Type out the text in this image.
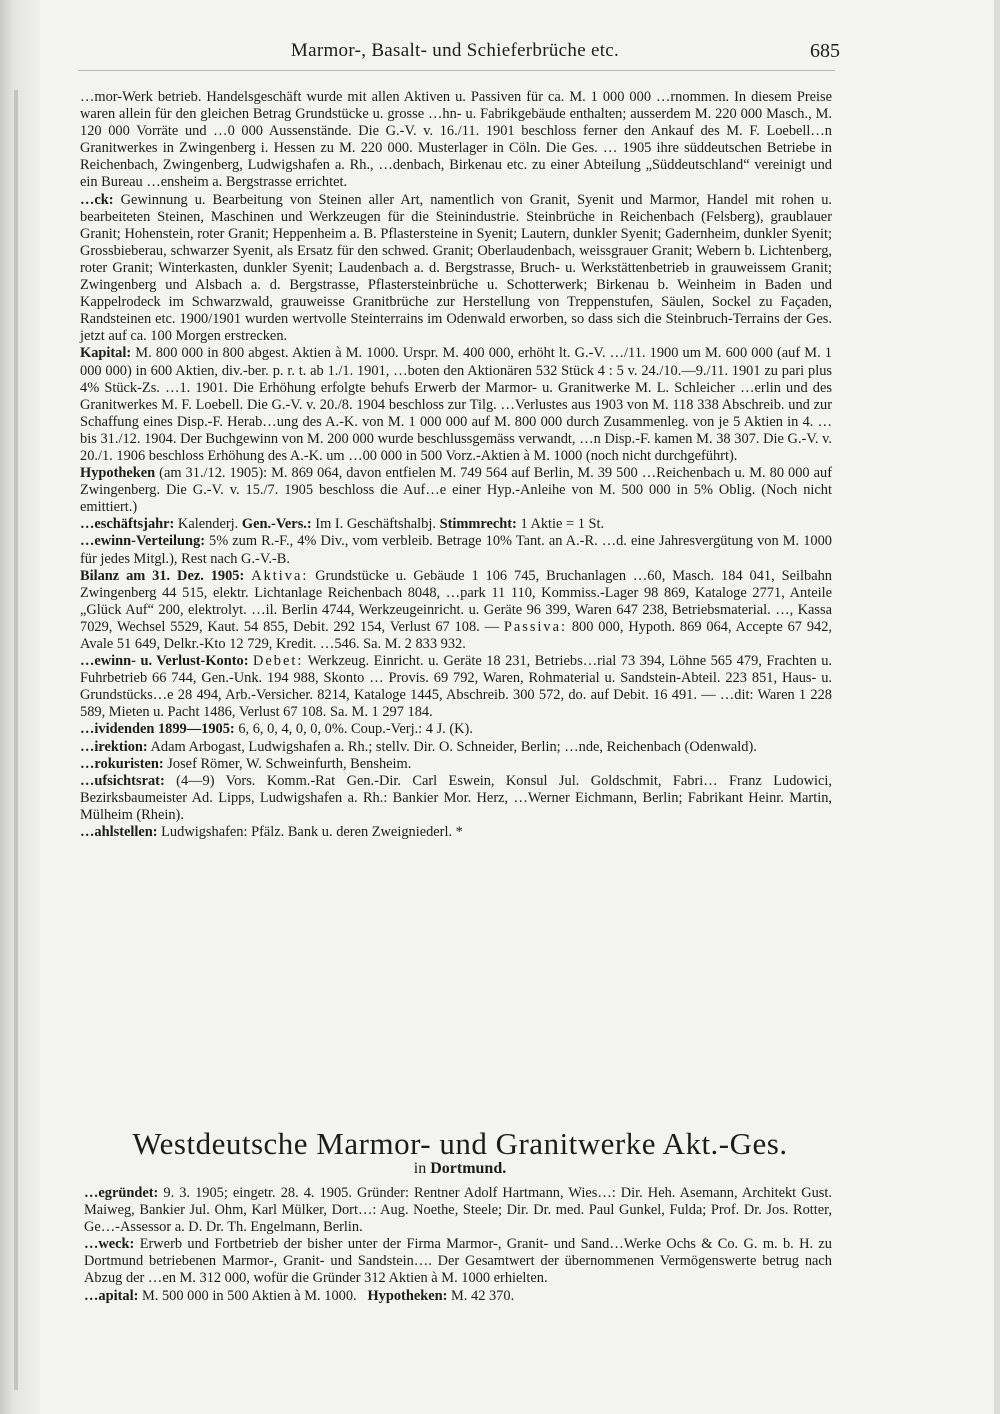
Marmor-, Basalt- und Schieferbrüche etc.	685

…mor-Werk betrieb. Handelsgeschäft wurde mit allen Aktiven u. Passiven für ca. M. 1 000 000 …rnommen. In diesem Preise waren allein für den gleichen Betrag Grundstücke u. grosse …hn- u. Fabrikgebäude enthalten; ausserdem M. 220 000 Masch., M. 120 000 Vorräte und …0 000 Aussenstände. Die G.-V. v. 16./11. 1901 beschloss ferner den Ankauf des M. F. Loebell…n Granitwerkes in Zwingenberg i. Hessen zu M. 220 000. Musterlager in Cöln. Die Ges. … 1905 ihre süddeutschen Betriebe in Reichenbach, Zwingenberg, Ludwigshafen a. Rh., …denbach, Birkenau etc. zu einer Abteilung „Süddeutschland“ vereinigt und ein Bureau …ensheim a. Bergstrasse errichtet.

…ck: Gewinnung u. Bearbeitung von Steinen aller Art, namentlich von Granit, Syenit und Marmor, Handel mit rohen u. bearbeiteten Steinen, Maschinen und Werkzeugen für die Steinindustrie. Steinbrüche in Reichenbach (Felsberg), graublauer Granit; Hohenstein, roter Granit; Heppenheim a. B. Pflastersteine in Syenit; Lautern, dunkler Syenit; Gadernheim, dunkler Syenit; Grossbieberau, schwarzer Syenit, als Ersatz für den schwed. Granit; Oberlaudenbach, weissgrauer Granit; Webern b. Lichtenberg, roter Granit; Winterkasten, dunkler Syenit; Laudenbach a. d. Bergstrasse, Bruch- u. Werkstättenbetrieb in grauweissem Granit; Zwingenberg und Alsbach a. d. Bergstrasse, Pflastersteinbrüche u. Schotterwerk; Birkenau b. Weinheim in Baden und Kappelrodeck im Schwarzwald, grauweisse Granitbrüche zur Herstellung von Treppenstufen, Säulen, Sockel zu Façaden, Randsteinen etc. 1900/1901 wurden wertvolle Steinterrains im Odenwald erworben, so dass sich die Steinbruch-Terrains der Ges. jetzt auf ca. 100 Morgen erstrecken.

Kapital: M. 800 000 in 800 abgest. Aktien à M. 1000. Urspr. M. 400 000, erhöht lt. G.-V. …/11. 1900 um M. 600 000 (auf M. 1 000 000) in 600 Aktien, div.-ber. p. r. t. ab 1./1. 1901, …boten den Aktionären 532 Stück 4 : 5 v. 24./10.—9./11. 1901 zu pari plus 4% Stück-Zs. …1. 1901. Die Erhöhung erfolgte behufs Erwerb der Marmor- u. Granitwerke M. L. Schleicher …erlin und des Granitwerkes M. F. Loebell. Die G.-V. v. 20./8. 1904 beschloss zur Tilg. …Verlustes aus 1903 von M. 118 338 Abschreib. und zur Schaffung eines Disp.-F. Herab…ung des A.-K. von M. 1 000 000 auf M. 800 000 durch Zusammenleg. von je 5 Aktien in 4. … bis 31./12. 1904. Der Buchgewinn von M. 200 000 wurde beschlussgemäss verwandt, …n Disp.-F. kamen M. 38 307. Die G.-V. v. 20./1. 1906 beschloss Erhöhung des A.-K. um …00 000 in 500 Vorz.-Aktien à M. 1000 (noch nicht durchgeführt).

Hypotheken (am 31./12. 1905): M. 869 064, davon entfielen M. 749 564 auf Berlin, M. 39 500 …Reichenbach u. M. 80 000 auf Zwingenberg. Die G.-V. v. 15./7. 1905 beschloss die Auf…e einer Hyp.-Anleihe von M. 500 000 in 5% Oblig. (Noch nicht emittiert.)

…eschäftsjahr: Kalenderj. Gen.-Vers.: Im I. Geschäftshalbj. Stimmrecht: 1 Aktie = 1 St.

…ewinn-Verteilung: 5% zum R.-F., 4% Div., vom verbleib. Betrage 10% Tant. an A.-R. …d. eine Jahresvergütung von M. 1000 für jedes Mitgl.), Rest nach G.-V.-B.

Bilanz am 31. Dez. 1905: Aktiva: Grundstücke u. Gebäude 1 106 745, Bruchanlagen …60, Masch. 184 041, Seilbahn Zwingenberg 44 515, elektr. Lichtanlage Reichenbach 8048, …park 11 110, Kommiss.-Lager 98 869, Kataloge 2771, Anteile „Glück Auf“ 200, elektrolyt. …il. Berlin 4744, Werkzeugeinricht. u. Geräte 96 399, Waren 647 238, Betriebsmaterial. …, Kassa 7029, Wechsel 5529, Kaut. 54 855, Debit. 292 154, Verlust 67 108. — Passiva: 800 000, Hypoth. 869 064, Accepte 67 942, Avale 51 649, Delkr.-Kto 12 729, Kredit. …546. Sa. M. 2 833 932.

…ewinn- u. Verlust-Konto: Debet: Werkzeug. Einricht. u. Geräte 18 231, Betriebs…rial 73 394, Löhne 565 479, Frachten u. Fuhrbetrieb 66 744, Gen.-Unk. 194 988, Skonto … Provis. 69 792, Waren, Rohmaterial u. Sandstein-Abteil. 223 851, Haus- u. Grundstücks…e 28 494, Arb.-Versicher. 8214, Kataloge 1445, Abschreib. 300 572, do. auf Debit. 16 491. — …dit: Waren 1 228 589, Mieten u. Pacht 1486, Verlust 67 108. Sa. M. 1 297 184.

…ividenden 1899—1905: 6, 6, 0, 4, 0, 0, 0%. Coup.-Verj.: 4 J. (K).

…irektion: Adam Arbogast, Ludwigshafen a. Rh.; stellv. Dir. O. Schneider, Berlin; …nde, Reichenbach (Odenwald).

…rokuristen: Josef Römer, W. Schweinfurth, Bensheim.

…ufsichtsrat: (4—9) Vors. Komm.-Rat Gen.-Dir. Carl Eswein, Konsul Jul. Goldschmit, Fabri… Franz Ludowici, Bezirksbaumeister Ad. Lipps, Ludwigshafen a. Rh.: Bankier Mor. Herz, …Werner Eichmann, Berlin; Fabrikant Heinr. Martin, Mülheim (Rhein).

…ahlstellen: Ludwigshafen: Pfälz. Bank u. deren Zweigniederl. *

Westdeutsche Marmor- und Granitwerke Akt.-Ges.
in Dortmund.

…egründet: 9. 3. 1905; eingetr. 28. 4. 1905. Gründer: Rentner Adolf Hartmann, Wies…: Dir. Heh. Asemann, Architekt Gust. Maiweg, Bankier Jul. Ohm, Karl Mülker, Dort…: Aug. Noethe, Steele; Dir. Dr. med. Paul Gunkel, Fulda; Prof. Dr. Jos. Rotter, Ge…-Assessor a. D. Dr. Th. Engelmann, Berlin.

…weck: Erwerb und Fortbetrieb der bisher unter der Firma Marmor-, Granit- und Sand…Werke Ochs & Co. G. m. b. H. zu Dortmund betriebenen Marmor-, Granit- und Sandstein…. Der Gesamtwert der übernommenen Vermögenswerte betrug nach Abzug der …en M. 312 000, wofür die Gründer 312 Aktien à M. 1000 erhielten.

…apital: M. 500 000 in 500 Aktien à M. 1000. Hypotheken: M. 42 370.
